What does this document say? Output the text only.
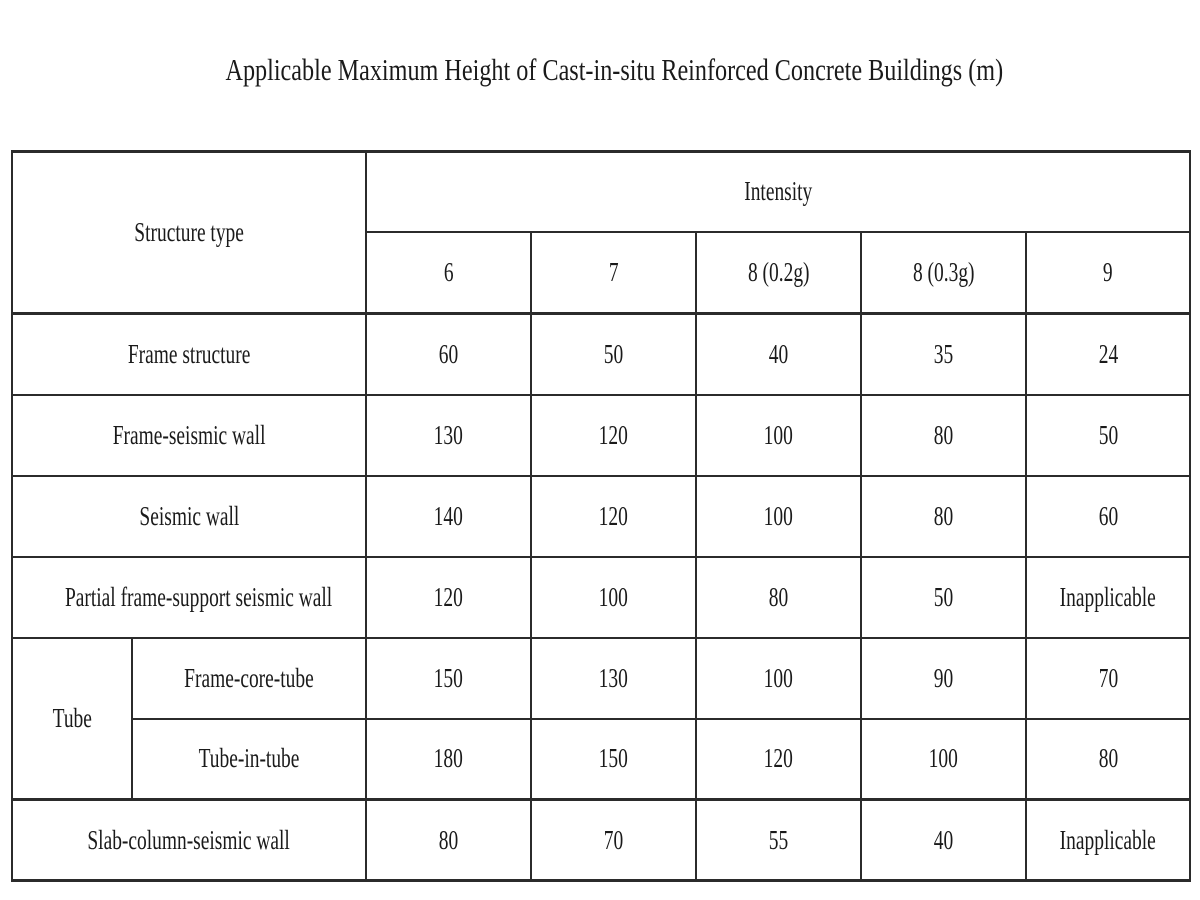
Applicable Maximum Height of Cast-in-situ Reinforced Concrete Buildings (m)
Structure type		Intensity				
		6	7	8 (0.2g)	8 (0.3g)	9
Frame structure		60	50	40	35	24
Frame-seismic wall		130	120	100	80	50
Seismic wall		140	120	100	80	60
Partial frame-support seismic wall		120	100	80	50	Inapplicable
Tube	Frame-core-tube	150	130	100	90	70
	Tube-in-tube	180	150	120	100	80
Slab-column-seismic wall		80	70	55	40	Inapplicable
